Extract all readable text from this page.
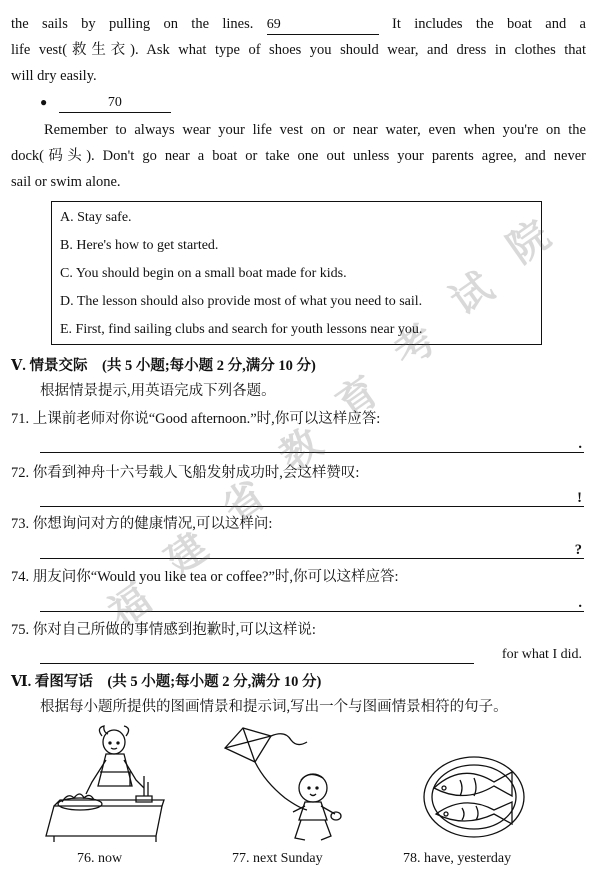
the sails by pulling on the lines. 69	It includes the boat and a
life vest(救生衣). Ask what type of shoes you should wear, and dress in clothes that
will dry easily.
●	70
Remember to always wear your life vest on or near water, even when you're on the
dock(码头). Don't go near a boat or take one out unless your parents agree, and never
sail or swim alone.
A. Stay safe.
B. Here's how to get started.
C. You should begin on a small boat made for kids.
D. The lesson should also provide most of what you need to sail.
E. First, find sailing clubs and search for youth lessons near you.
Ⅴ. 情景交际　(共 5 小题;每小题 2 分,满分 10 分)
根据情景提示,用英语完成下列各题。
71. 上课前老师对你说“Good afternoon.”时,你可以这样应答:
.
72. 你看到神舟十六号载人飞船发射成功时,会这样赞叹:
!
73. 你想询问对方的健康情况,可以这样问:
?
74. 朋友问你“Would you like tea or coffee?”时,你可以这样应答:
.
75. 你对自己所做的事情感到抱歉时,可以这样说:
for what I did.
Ⅵ. 看图写话　(共 5 小题;每小题 2 分,满分 10 分)
根据每小题所提供的图画情景和提示词,写出一个与图画情景相符的句子。
76. now	77. next Sunday	78. have, yesterday
福
建
省
教
育
考
试
院
